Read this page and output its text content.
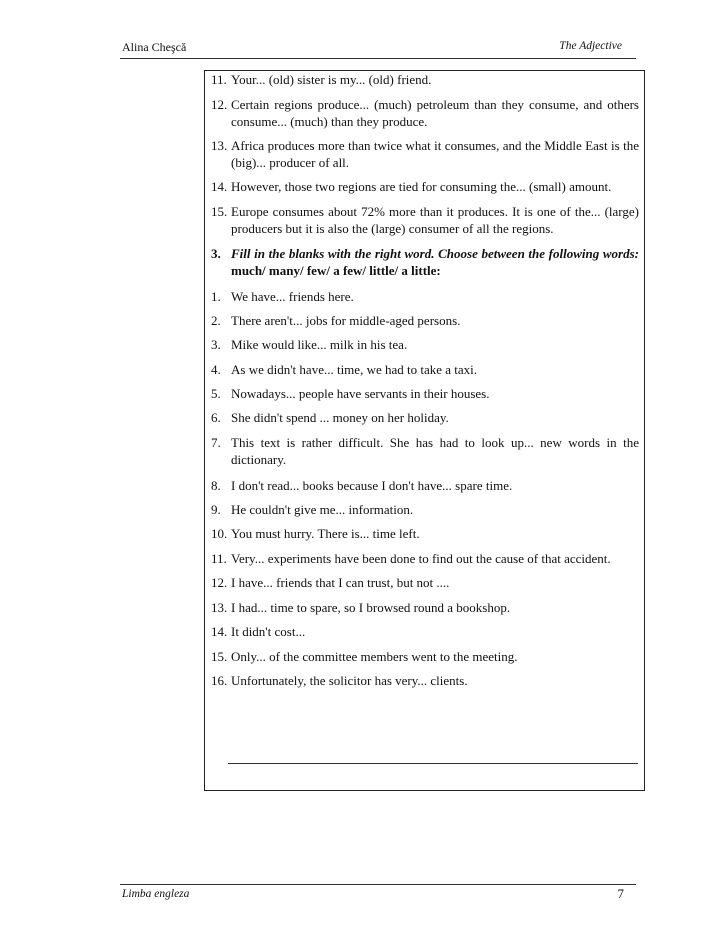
Alina Cheşcă	The Adjective
11. Your... (old) sister is my... (old) friend.
12. Certain regions produce... (much) petroleum than they consume, and others consume... (much) than they produce.
13. Africa produces more than twice what it consumes, and the Middle East is the (big)... producer of all.
14. However, those two regions are tied for consuming the... (small) amount.
15. Europe consumes about 72% more than it produces. It is one of the... (large) producers but it is also the (large) consumer of all the regions.
3. Fill in the blanks with the right word. Choose between the following words: much/ many/ few/ a few/ little/ a little:
1. We have... friends here.
2. There aren't... jobs for middle-aged persons.
3. Mike would like... milk in his tea.
4. As we didn't have... time, we had to take a taxi.
5. Nowadays... people have servants in their houses.
6. She didn't spend ... money on her holiday.
7. This text is rather difficult. She has had to look up... new words in the dictionary.
8. I don't read... books because I don't have... spare time.
9. He couldn't give me... information.
10. You must hurry. There is... time left.
11. Very... experiments have been done to find out the cause of that accident.
12. I have... friends that I can trust, but not ....
13. I had... time to spare, so I browsed round a bookshop.
14. It didn't cost...
15. Only... of the committee members went to the meeting.
16. Unfortunately, the solicitor has very... clients.
Limba engleza	7
